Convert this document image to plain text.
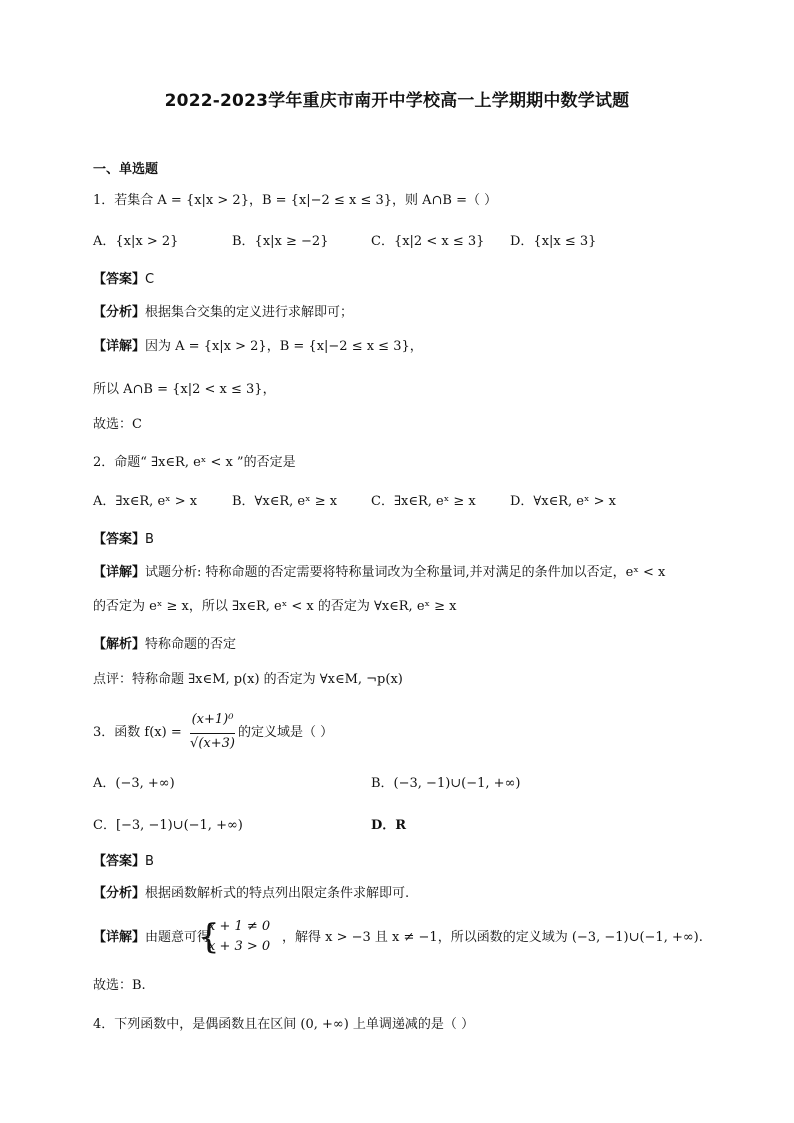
2022-2023学年重庆市南开中学校高一上学期期中数学试题
一、单选题
1．若集合 A = {x|x > 2}，B = {x|−2 ≤ x ≤ 3}，则 A∩B =（ ）
A．{x|x > 2}	B．{x|x ≥ −2}	C．{x|2 < x ≤ 3} D．{x|x ≤ 3}
【答案】C
【分析】根据集合交集的定义进行求解即可；
【详解】因为 A = {x|x > 2}，B = {x|−2 ≤ x ≤ 3}，
所以 A∩B = {x|2 < x ≤ 3}，
故选：C
2．命题“ ∃x∈R, eˣ < x ”的否定是
A．∃x∈R, eˣ > x	B．∀x∈R, eˣ ≥ x	C．∃x∈R, eˣ ≥ x	D．∀x∈R, eˣ > x
【答案】B
【详解】试题分析: 特称命题的否定需要将特称量词改为全称量词,并对满足的条件加以否定，eˣ < x
的否定为 eˣ ≥ x，所以 ∃x∈R, eˣ < x 的否定为 ∀x∈R, eˣ ≥ x
【解析】特称命题的否定
点评：特称命题 ∃x∈M, p(x) 的否定为 ∀x∈M, ¬p(x)
3．函数 f(x) =
(x+1)⁰
√(x+3)
的定义域是（ ）
A．(−3, +∞)	B．(−3, −1)∪(−1, +∞)
C．[−3, −1)∪(−1, +∞)	D．R
【答案】B
【分析】根据函数解析式的特点列出限定条件求解即可.
【详解】由题意可得
{
x + 1 ≠ 0
x + 3 > 0
，解得 x > −3 且 x ≠ −1，所以函数的定义域为 (−3, −1)∪(−1, +∞).
故选：B.
4．下列函数中，是偶函数且在区间 (0, +∞) 上单调递减的是（ ）
